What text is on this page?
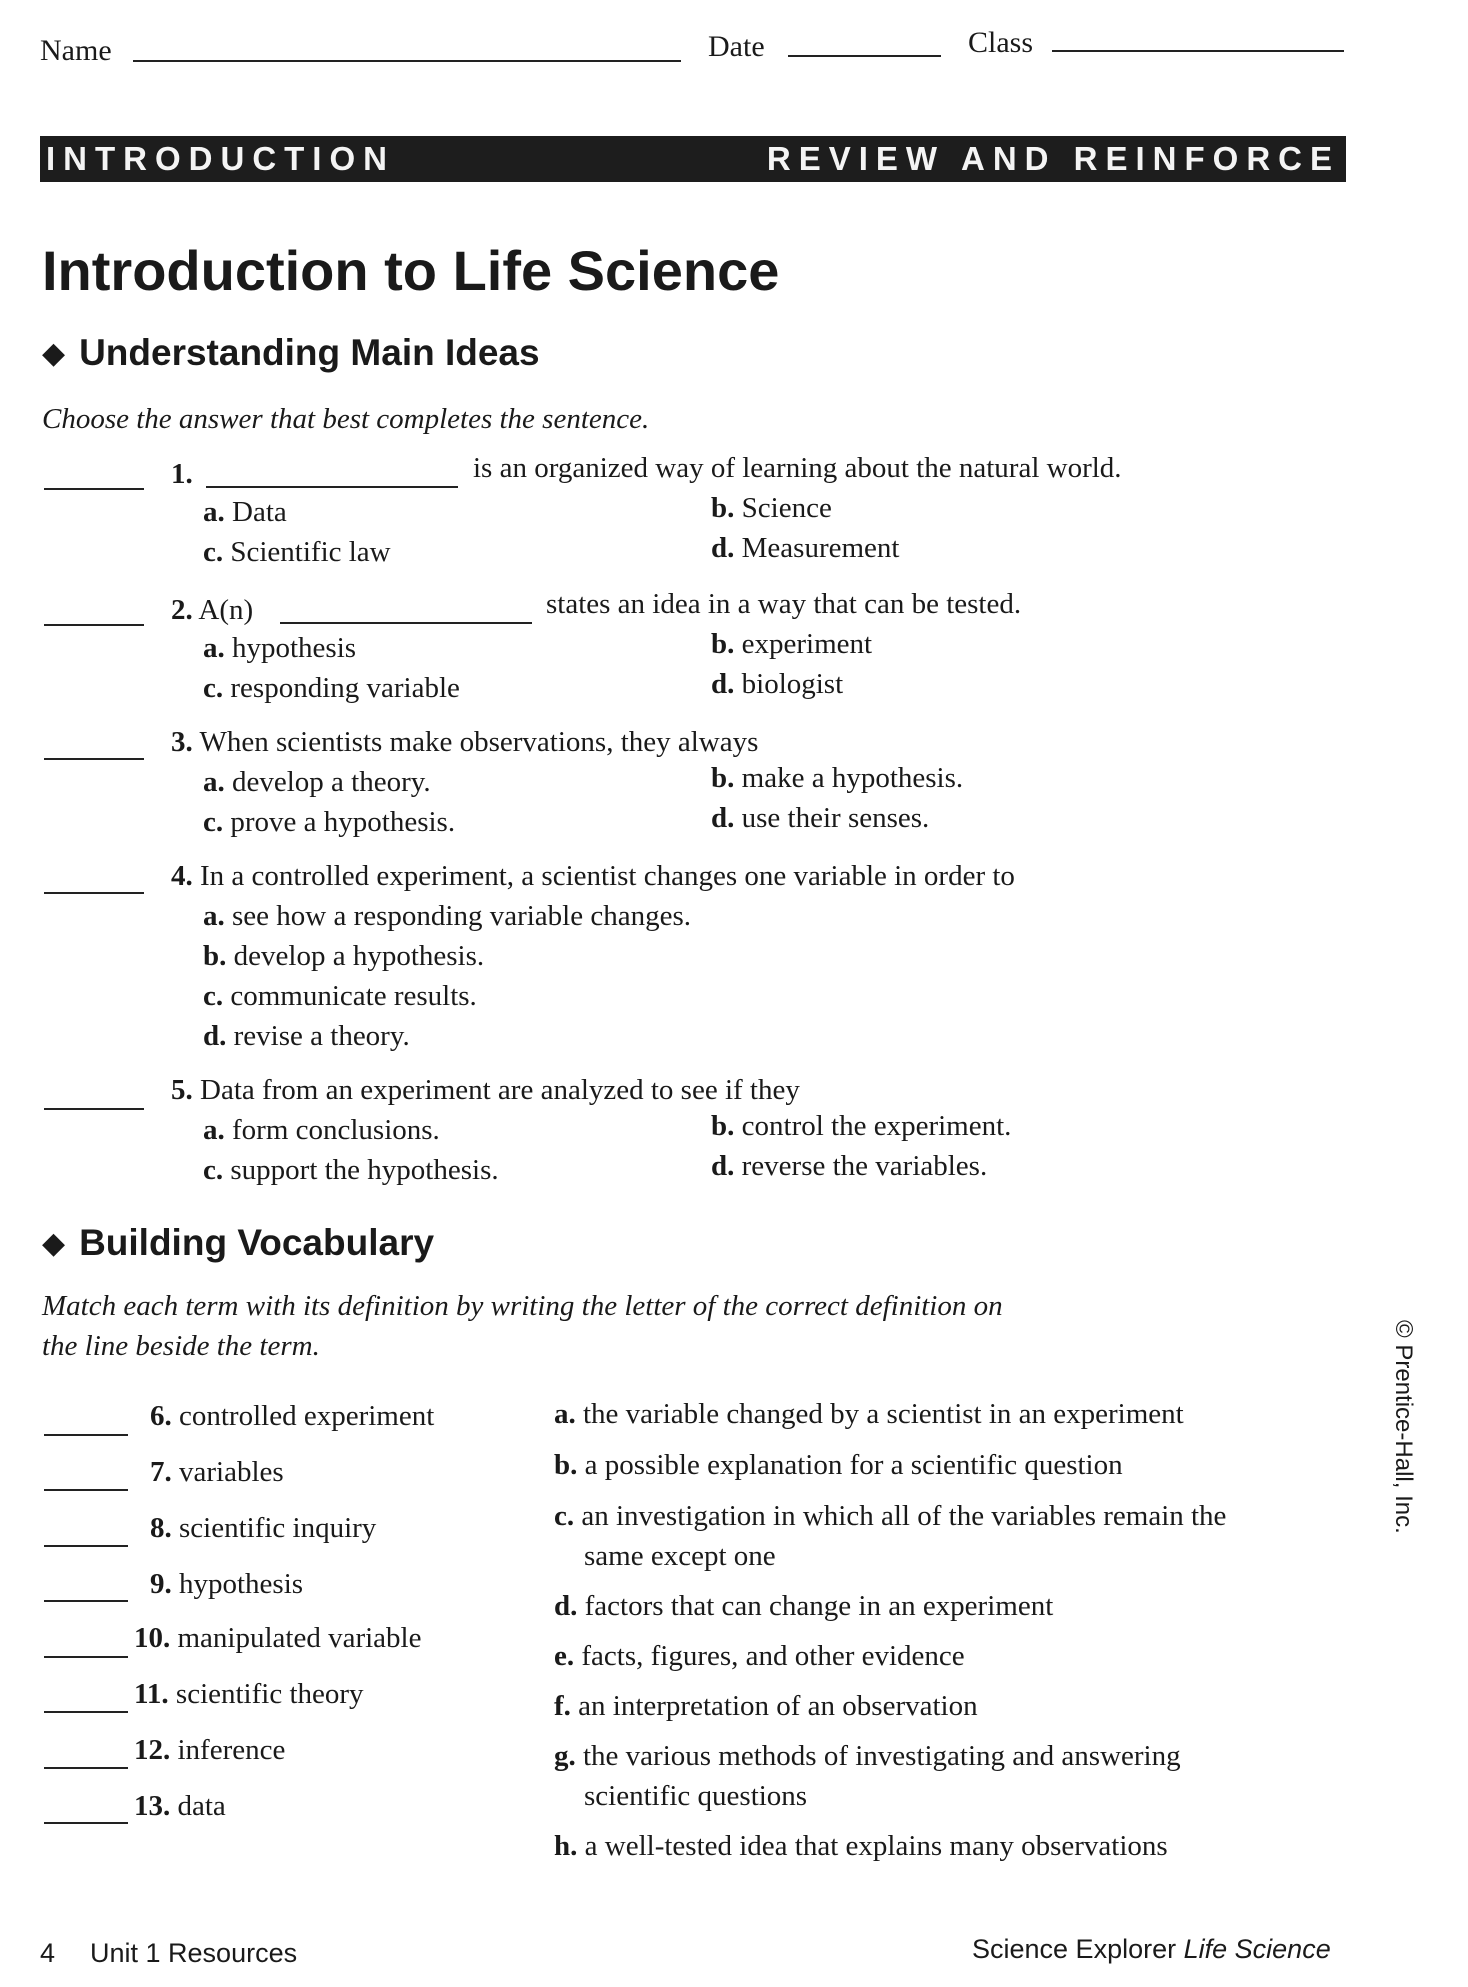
Name	Date	Class
INTRODUCTION	REVIEW AND REINFORCE
Introduction to Life Science
◆ Understanding Main Ideas
Choose the answer that best completes the sentence.
1.	is an organized way of learning about the natural world.
a. Data	b. Science
c. Scientific law	d. Measurement
2. A(n)	states an idea in a way that can be tested.
a. hypothesis	b. experiment
c. responding variable	d. biologist
3. When scientists make observations, they always
a. develop a theory.	b. make a hypothesis.
c. prove a hypothesis.	d. use their senses.
4. In a controlled experiment, a scientist changes one variable in order to
a. see how a responding variable changes.
b. develop a hypothesis.
c. communicate results.
d. revise a theory.
5. Data from an experiment are analyzed to see if they
a. form conclusions.	b. control the experiment.
c. support the hypothesis.	d. reverse the variables.
◆ Building Vocabulary
Match each term with its definition by writing the letter of the correct definition on
the line beside the term.
6. controlled experiment
7. variables
8. scientific inquiry
9. hypothesis
10. manipulated variable
11. scientific theory
12. inference
13. data
a. the variable changed by a scientist in an experiment
b. a possible explanation for a scientific question
c. an investigation in which all of the variables remain the
same except one
d. factors that can change in an experiment
e. facts, figures, and other evidence
f. an interpretation of an observation
g. the various methods of investigating and answering
scientific questions
h. a well-tested idea that explains many observations
© Prentice-Hall, Inc.
4 Unit 1 Resources	Science Explorer Life Science
